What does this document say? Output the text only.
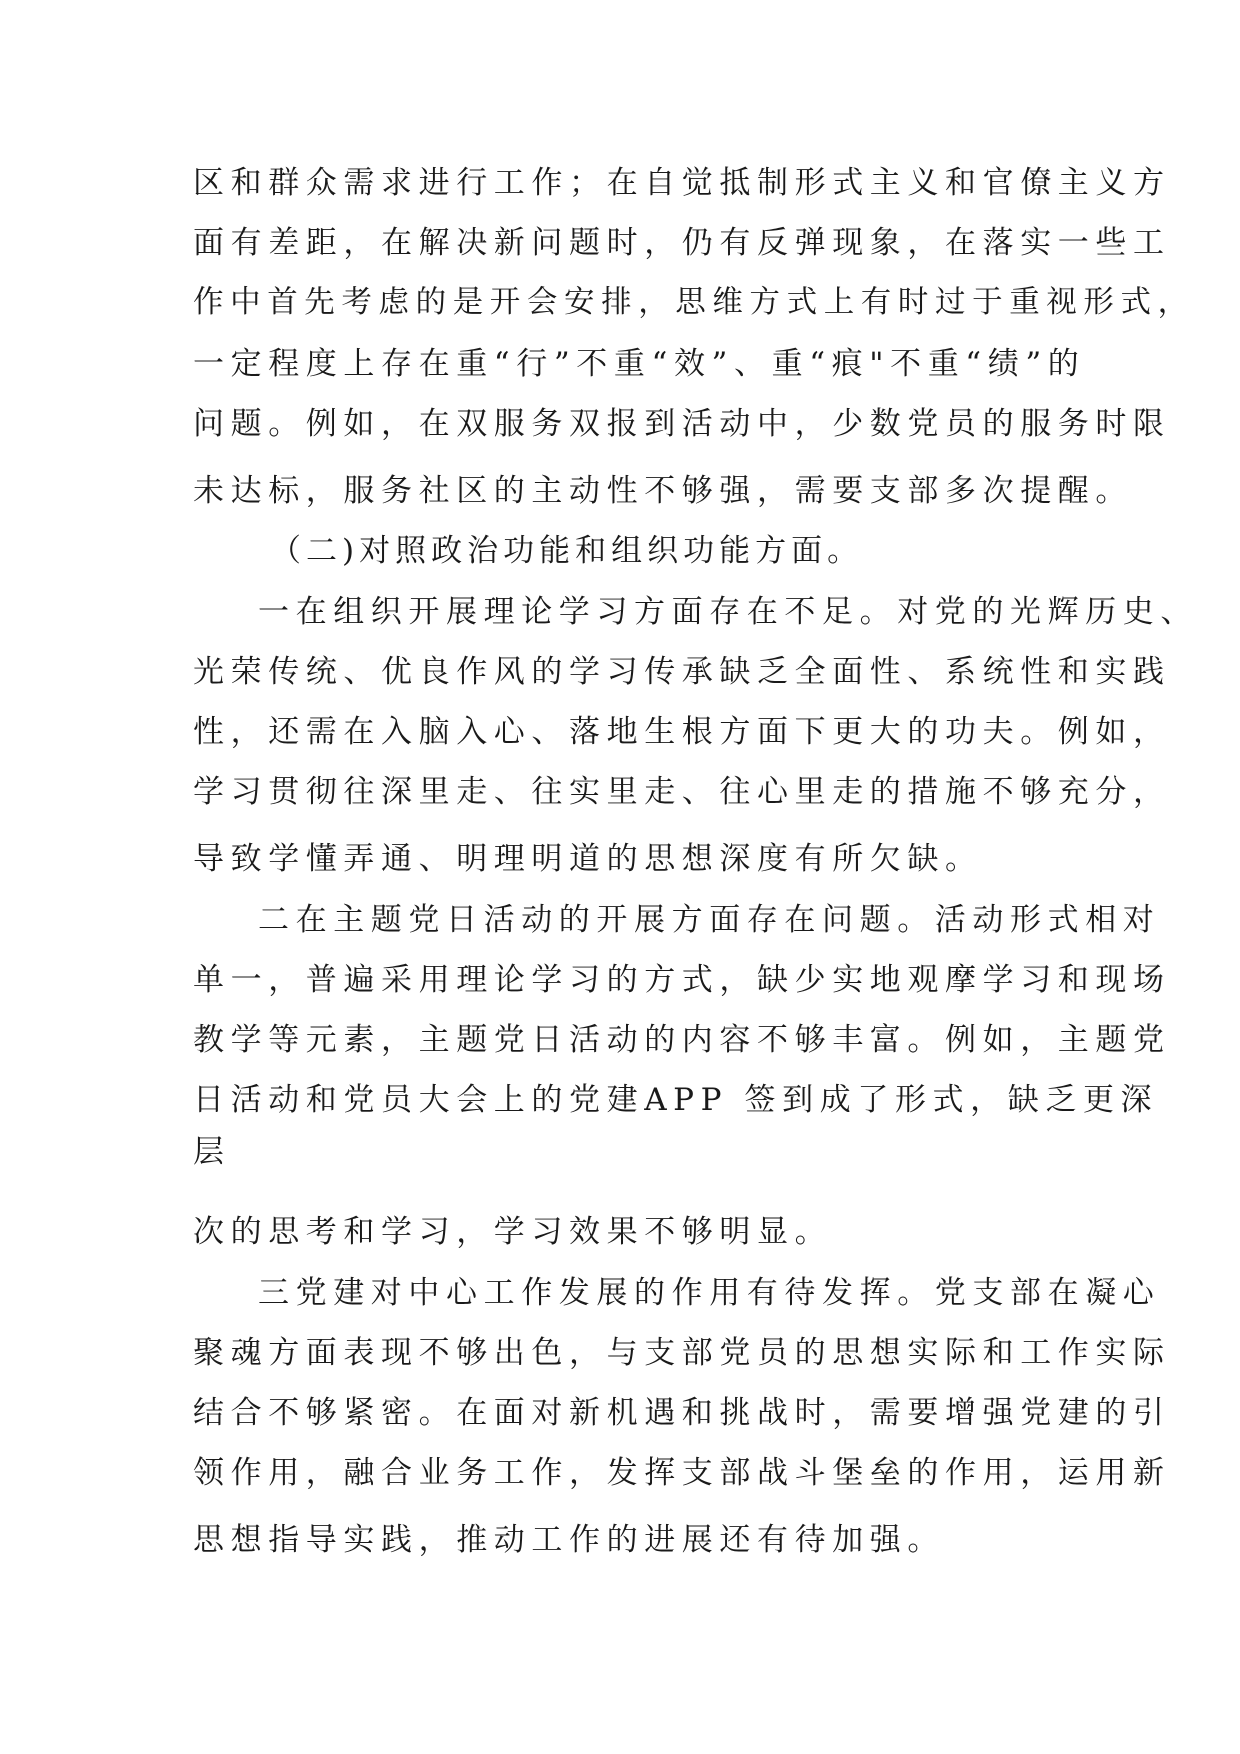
区和群众需求进行工作；在自觉抵制形式主义和官僚主义方
面有差距，在解决新问题时，仍有反弹现象，在落实一些工
作中首先考虑的是开会安排，思维方式上有时过于重视形式，
一定程度上存在重“行”不重“效”、重“痕"不重“绩”的
问题。例如，在双服务双报到活动中，少数党员的服务时限
未达标，服务社区的主动性不够强，需要支部多次提醒。
（二)对照政治功能和组织功能方面。
一在组织开展理论学习方面存在不足。对党的光辉历史、
光荣传统、优良作风的学习传承缺乏全面性、系统性和实践
性，还需在入脑入心、落地生根方面下更大的功夫。例如，
学习贯彻往深里走、往实里走、往心里走的措施不够充分，
导致学懂弄通、明理明道的思想深度有所欠缺。
二在主题党日活动的开展方面存在问题。活动形式相对
单一，普遍采用理论学习的方式，缺少实地观摩学习和现场
教学等元素，主题党日活动的内容不够丰富。例如，主题党
日活动和党员大会上的党建APP 签到成了形式，缺乏更深
层
次的思考和学习，学习效果不够明显。
三党建对中心工作发展的作用有待发挥。党支部在凝心
聚魂方面表现不够出色，与支部党员的思想实际和工作实际
结合不够紧密。在面对新机遇和挑战时，需要增强党建的引
领作用，融合业务工作，发挥支部战斗堡垒的作用，运用新
思想指导实践，推动工作的进展还有待加强。
